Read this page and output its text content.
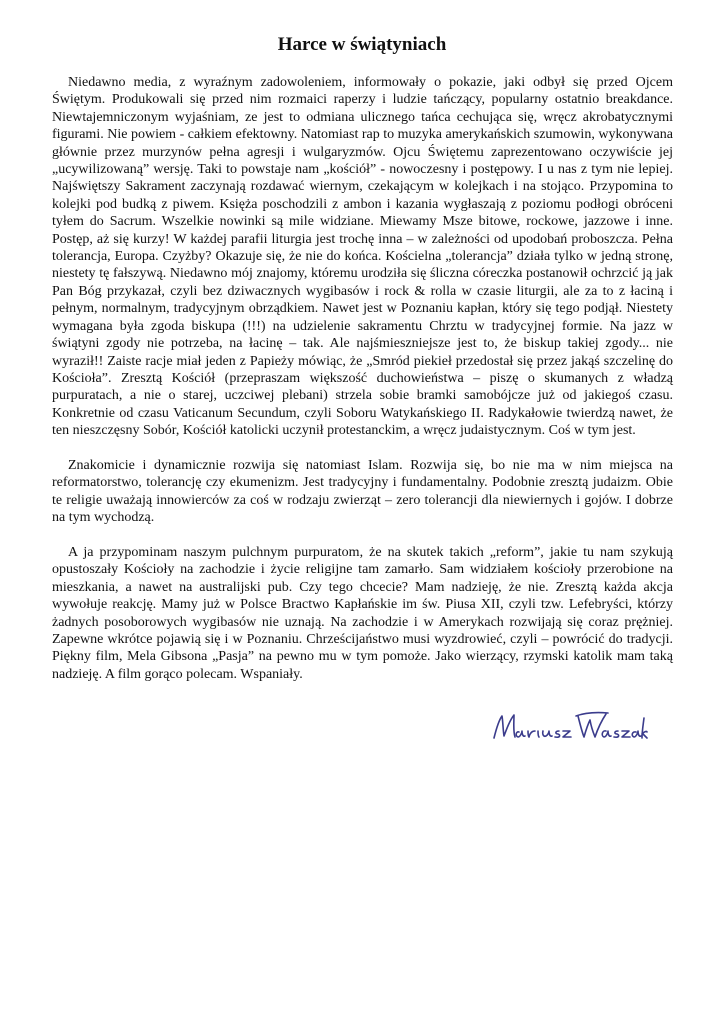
Harce w świątyniach

Niedawno media, z wyraźnym zadowoleniem, informowały o pokazie, jaki odbył się przed Ojcem Świętym. Produkowali się przed nim rozmaici raperzy i ludzie tańczący, popularny ostatnio breakdance. Niewtajemniczonym wyjaśniam, ze jest to odmiana ulicznego tańca cechująca się, wręcz akrobatycznymi figurami. Nie powiem - całkiem efektowny. Natomiast rap to muzyka amerykańskich szumowin, wykonywana głównie przez murzynów pełna agresji i wulgaryzmów. Ojcu Świętemu zaprezentowano oczywiście jej „ucywilizowaną” wersję. Taki to powstaje nam „kościół” - nowoczesny i postępowy. I u nas z tym nie lepiej. Najświętszy Sakrament zaczynają rozdawać wiernym, czekającym w kolejkach i na stojąco. Przypomina to kolejki pod budką z piwem. Księża poschodzili z ambon i kazania wygłaszają z poziomu podłogi obróceni tyłem do Sacrum. Wszelkie nowinki są mile widziane. Miewamy Msze bitowe, rockowe, jazzowe i inne. Postęp, aż się kurzy! W każdej parafii liturgia jest trochę inna – w zależności od upodobań proboszcza. Pełna tolerancja, Europa. Czyżby? Okazuje się, że nie do końca. Kościelna „tolerancja” działa tylko w jedną stronę, niestety tę fałszywą. Niedawno mój znajomy, któremu urodziła się śliczna córeczka postanowił ochrzcić ją jak Pan Bóg przykazał, czyli bez dziwacznych wygibasów i rock & rolla w czasie liturgii, ale za to z łaciną i pełnym, normalnym, tradycyjnym obrządkiem. Nawet jest w Poznaniu kapłan, który się tego podjął. Niestety wymagana była zgoda biskupa (!!!) na udzielenie sakramentu Chrztu w tradycyjnej formie. Na jazz w świątyni zgody nie potrzeba, na łacinę – tak. Ale najśmieszniejsze jest to, że biskup takiej zgody... nie wyraził!! Zaiste racje miał jeden z Papieży mówiąc, że „Smród piekieł przedostał się przez jakąś szczelinę do Kościoła”. Zresztą Kościół (przepraszam większość duchowieństwa – piszę o skumanych z władzą purpuratach, a nie o starej, uczciwej plebani) strzela sobie bramki samobójcze już od jakiegoś czasu. Konkretnie od czasu Vaticanum Secundum, czyli Soboru Watykańskiego II. Radykałowie twierdzą nawet, że ten nieszczęsny Sobór, Kościół katolicki uczynił protestanckim, a wręcz judaistycznym. Coś w tym jest.

Znakomicie i dynamicznie rozwija się natomiast Islam. Rozwija się, bo nie ma w nim miejsca na reformatorstwo, tolerancję czy ekumenizm. Jest tradycyjny i fundamentalny. Podobnie zresztą judaizm. Obie te religie uważają innowierców za coś w rodzaju zwierząt – zero tolerancji dla niewiernych i gojów. I dobrze na tym wychodzą.

A ja przypominam naszym pulchnym purpuratom, że na skutek takich „reform”, jakie tu nam szykują opustoszały Kościoły na zachodzie i życie religijne tam zamarło. Sam widziałem kościoły przerobione na mieszkania, a nawet na australijski pub. Czy tego chcecie? Mam nadzieję, że nie. Zresztą każda akcja wywołuje reakcję. Mamy już w Polsce Bractwo Kapłańskie im św. Piusa XII, czyli tzw. Lefebryści, którzy żadnych posoborowych wygibasów nie uznają. Na zachodzie i w Amerykach rozwijają się coraz prężniej. Zapewne wkrótce pojawią się i w Poznaniu. Chrześcijaństwo musi wyzdrowieć, czyli – powrócić do tradycji. Piękny film, Mela Gibsona „Pasja” na pewno mu w tym pomoże. Jako wierzący, rzymski katolik mam taką nadzieję. A film gorąco polecam. Wspaniały.
